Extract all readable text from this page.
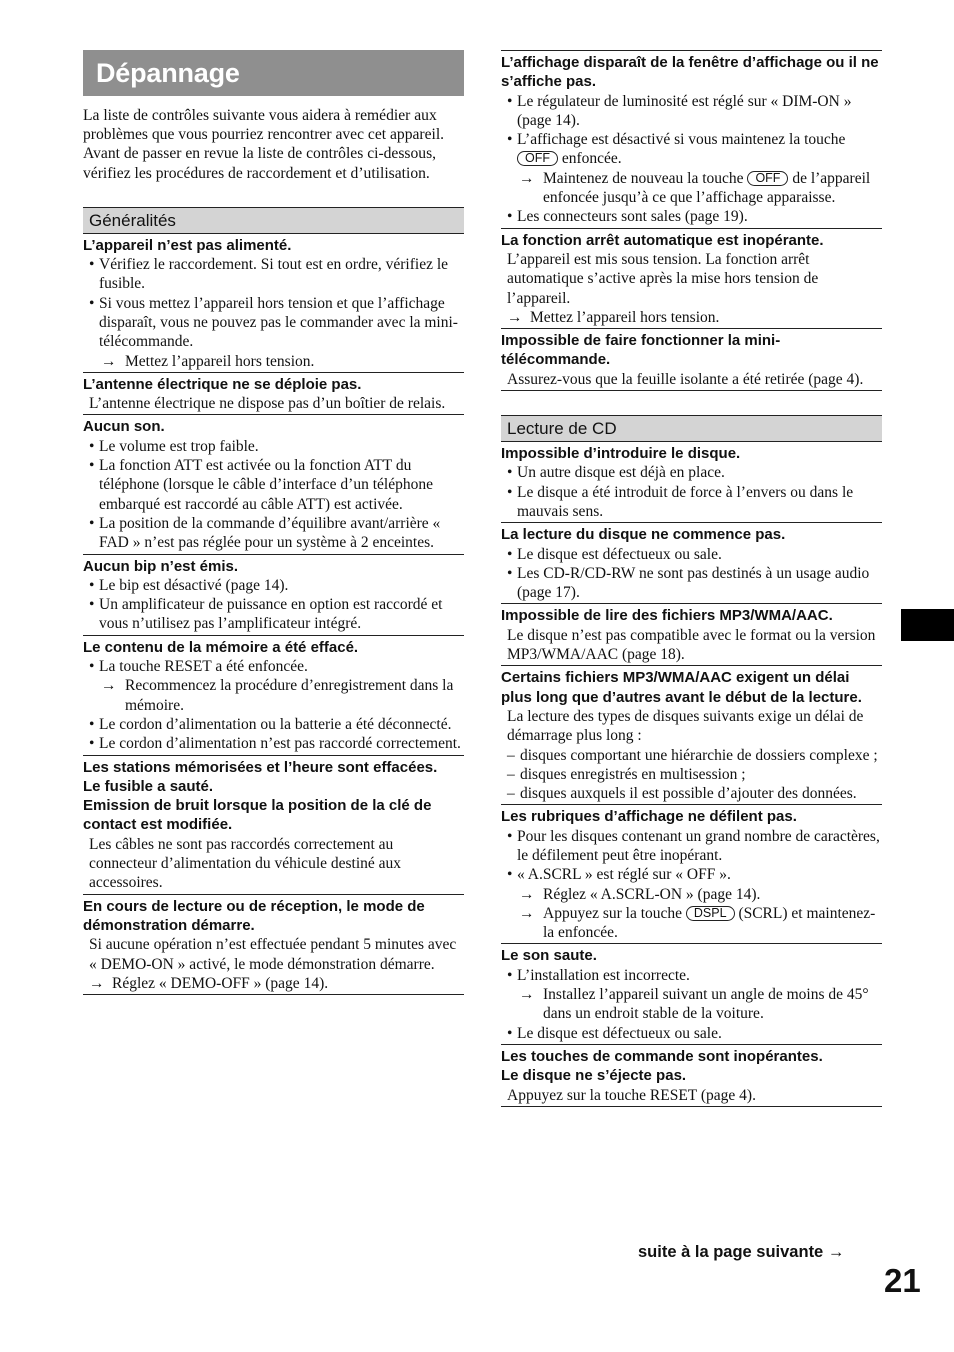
Dépannage
La liste de contrôles suivante vous aidera à remédier aux problèmes que vous pourriez rencontrer avec cet appareil.
Avant de passer en revue la liste de contrôles ci-dessous, vérifiez les procédures de raccordement et d’utilisation.
Généralités
L’appareil n’est pas alimenté.
• Vérifiez le raccordement. Si tout est en ordre, vérifiez le fusible.
• Si vous mettez l’appareil hors tension et que l’affichage disparaît, vous ne pouvez pas le commander avec la mini-télécommande.
→ Mettez l’appareil hors tension.
L’antenne électrique ne se déploie pas.
L’antenne électrique ne dispose pas d’un boîtier de relais.
Aucun son.
• Le volume est trop faible.
• La fonction ATT est activée ou la fonction ATT du téléphone (lorsque le câble d’interface d’un téléphone embarqué est raccordé au câble ATT) est activée.
• La position de la commande d’équilibre avant/arrière « FAD » n’est pas réglée pour un système à 2 enceintes.
Aucun bip n’est émis.
• Le bip est désactivé (page 14).
• Un amplificateur de puissance en option est raccordé et vous n’utilisez pas l’amplificateur intégré.
Le contenu de la mémoire a été effacé.
• La touche RESET a été enfoncée.
→ Recommencez la procédure d’enregistrement dans la mémoire.
• Le cordon d’alimentation ou la batterie a été déconnecté.
• Le cordon d’alimentation n’est pas raccordé correctement.
Les stations mémorisées et l’heure sont effacées.
Le fusible a sauté.
Emission de bruit lorsque la position de la clé de contact est modifiée.
Les câbles ne sont pas raccordés correctement au connecteur d’alimentation du véhicule destiné aux accessoires.
En cours de lecture ou de réception, le mode de démonstration démarre.
Si aucune opération n’est effectuée pendant 5 minutes avec « DEMO-ON » activé, le mode démonstration démarre.
→ Réglez « DEMO-OFF » (page 14).
L’affichage disparaît de la fenêtre d’affichage ou il ne s’affiche pas.
• Le régulateur de luminosité est réglé sur « DIM-ON » (page 14).
• L’affichage est désactivé si vous maintenez la touche OFF enfoncée.
→ Maintenez de nouveau la touche OFF de l’appareil enfoncée jusqu’à ce que l’affichage apparaisse.
• Les connecteurs sont sales (page 19).
La fonction arrêt automatique est inopérante.
L’appareil est mis sous tension. La fonction arrêt automatique s’active après la mise hors tension de l’appareil.
→ Mettez l’appareil hors tension.
Impossible de faire fonctionner la mini-télécommande.
Assurez-vous que la feuille isolante a été retirée (page 4).
Lecture de CD
Impossible d’introduire le disque.
• Un autre disque est déjà en place.
• Le disque a été introduit de force à l’envers ou dans le mauvais sens.
La lecture du disque ne commence pas.
• Le disque est défectueux ou sale.
• Les CD-R/CD-RW ne sont pas destinés à un usage audio (page 17).
Impossible de lire des fichiers MP3/WMA/AAC.
Le disque n’est pas compatible avec le format ou la version MP3/WMA/AAC (page 18).
Certains fichiers MP3/WMA/AAC exigent un délai plus long que d’autres avant le début de la lecture.
La lecture des types de disques suivants exige un délai de démarrage plus long :
– disques comportant une hiérarchie de dossiers complexe ;
– disques enregistrés en multisession ;
– disques auxquels il est possible d’ajouter des données.
Les rubriques d’affichage ne défilent pas.
• Pour les disques contenant un grand nombre de caractères, le défilement peut être inopérant.
• « A.SCRL » est réglé sur « OFF ».
→ Réglez « A.SCRL-ON » (page 14).
→ Appuyez sur la touche DSPL (SCRL) et maintenez-la enfoncée.
Le son saute.
• L’installation est incorrecte.
→ Installez l’appareil suivant un angle de moins de 45° dans un endroit stable de la voiture.
• Le disque est défectueux ou sale.
Les touches de commande sont inopérantes.
Le disque ne s’éjecte pas.
Appuyez sur la touche RESET (page 4).
suite à la page suivante →
21
